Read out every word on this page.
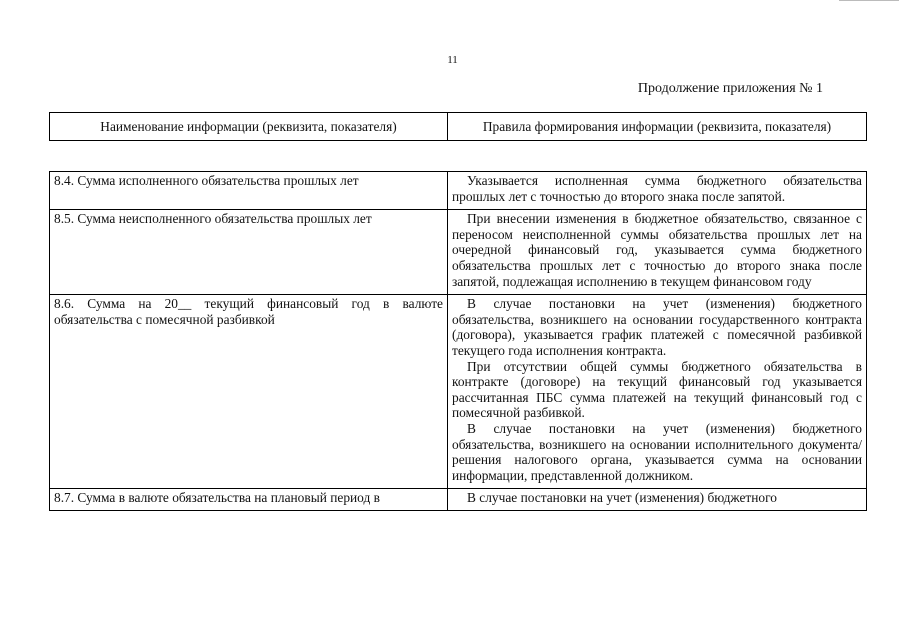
11
Продолжение приложения № 1
Наименование информации (реквизита, показателя)	Правила формирования информации (реквизита, показателя)
8.4. Сумма исполненного обязательства прошлых лет	Указывается исполненная сумма бюджетного обязательства прошлых лет с точностью до второго знака после запятой.

8.5. Сумма неисполненного обязательства прошлых лет	При внесении изменения в бюджетное обязательство, связанное с переносом неисполненной суммы обязательства прошлых лет на очередной финансовый год, указывается сумма бюджетного обязательства прошлых лет с точностью до второго знака после запятой, подлежащая исполнению в текущем финансовом году

8.6. Сумма на 20__ текущий финансовый год в валюте обязательства с помесячной разбивкой	В случае постановки на учет (изменения) бюджетного обязательства, возникшего на основании государственного контракта (договора), указывается график платежей с помесячной разбивкой текущего года исполнения контракта.

При отсутствии общей суммы бюджетного обязательства в контракте (договоре) на текущий финансовый год указывается рассчитанная ПБС сумма платежей на текущий финансовый год с помесячной разбивкой.

В случае постановки на учет (изменения) бюджетного обязательства, возникшего на основании исполнительного документа/решения налогового органа, указывается сумма на основании информации, представленной должником.

8.7. Сумма в валюте обязательства на плановый период в	В случае постановки на учет (изменения) бюджетного
